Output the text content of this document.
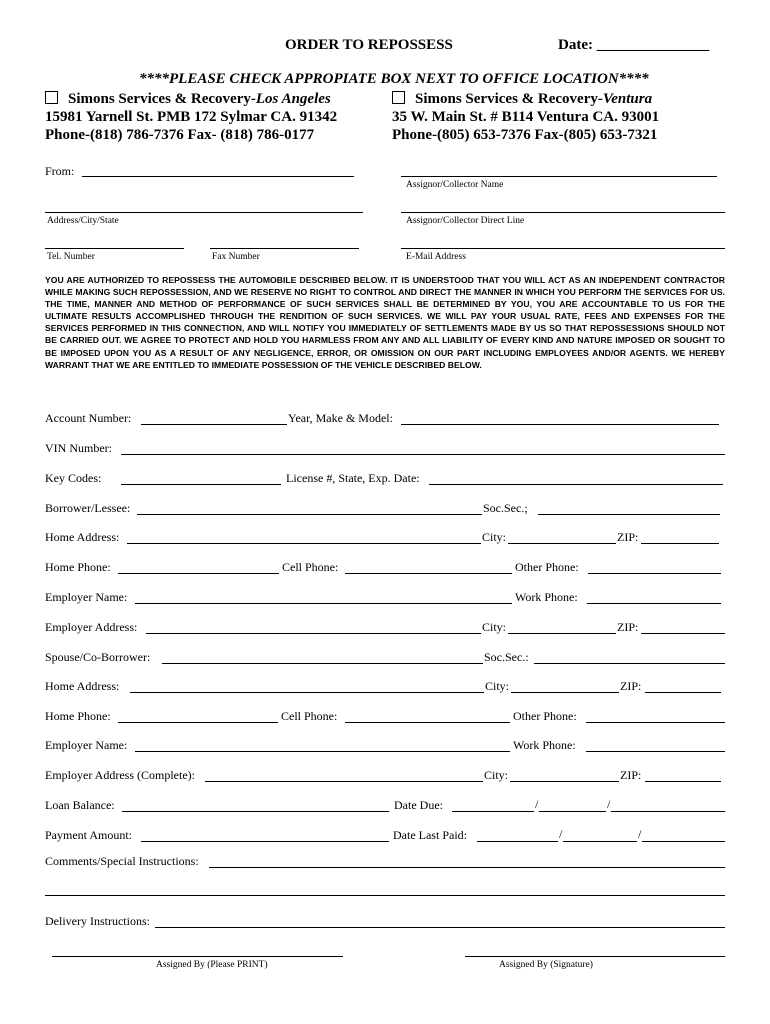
ORDER TO REPOSSESS	Date: _______________
****PLEASE CHECK APPROPIATE BOX NEXT TO OFFICE LOCATION****
Simons Services & Recovery-Los Angeles
15981 Yarnell St. PMB 172 Sylmar CA. 91342
Phone-(818) 786-7376 Fax- (818) 786-0177
Simons Services & Recovery-Ventura
35 W. Main St. # B114 Ventura CA. 93001
Phone-(805) 653-7376 Fax-(805) 653-7321
From:
Assignor/Collector Name
Address/City/State	Assignor/Collector Direct Line
Tel. Number	Fax Number	E-Mail Address
YOU ARE AUTHORIZED TO REPOSSESS THE AUTOMOBILE DESCRIBED BELOW. IT IS UNDERSTOOD THAT YOU WILL ACT AS AN INDEPENDENT CONTRACTOR WHILE MAKING SUCH REPOSSESSION, AND WE RESERVE NO RIGHT TO CONTROL AND DIRECT THE MANNER IN WHICH YOU PERFORM THE SERVICES FOR US. THE TIME, MANNER AND METHOD OF PERFORMANCE OF SUCH SERVICES SHALL BE DETERMINED BY YOU, YOU ARE ACCOUNTABLE TO US FOR THE ULTIMATE RESULTS ACCOMPLISHED THROUGH THE RENDITION OF SUCH SERVICES. WE WILL PAY YOUR USUAL RATE, FEES AND EXPENSES FOR THE SERVICES PERFORMED IN THIS CONNECTION, AND WILL NOTIFY YOU IMMEDIATELY OF SETTLEMENTS MADE BY US SO THAT REPOSSESSIONS SHOULD NOT BE CARRIED OUT. WE AGREE TO PROTECT AND HOLD YOU HARMLESS FROM ANY AND ALL LIABILITY OF EVERY KIND AND NATURE IMPOSED OR SOUGHT TO BE IMPOSED UPON YOU AS A RESULT OF ANY NEGLIGENCE, ERROR, OR OMISSION ON OUR PART INCLUDING EMPLOYEES AND/OR AGENTS. WE HEREBY WARRANT THAT WE ARE ENTITLED TO IMMEDIATE POSSESSION OF THE VEHICLE DESCRIBED BELOW.
Account Number:	Year, Make & Model:
VIN Number:
Key Codes:	License #, State, Exp. Date:
Borrower/Lessee:	Soc.Sec.;
Home Address:	City:	ZIP:
Home Phone:	Cell Phone:	Other Phone:
Employer Name:	Work Phone:
Employer Address:	City:	ZIP:
Spouse/Co-Borrower:	Soc.Sec.:
Home Address:	City:	ZIP:
Home Phone:	Cell Phone:	Other Phone:
Employer Name:	Work Phone:
Employer Address (Complete):	City:	ZIP:
Loan Balance:	Date Due:	/	/
Payment Amount:	Date Last Paid:	/	/
Comments/Special Instructions:
Delivery Instructions:
Assigned By (Please PRINT)	Assigned By (Signature)
